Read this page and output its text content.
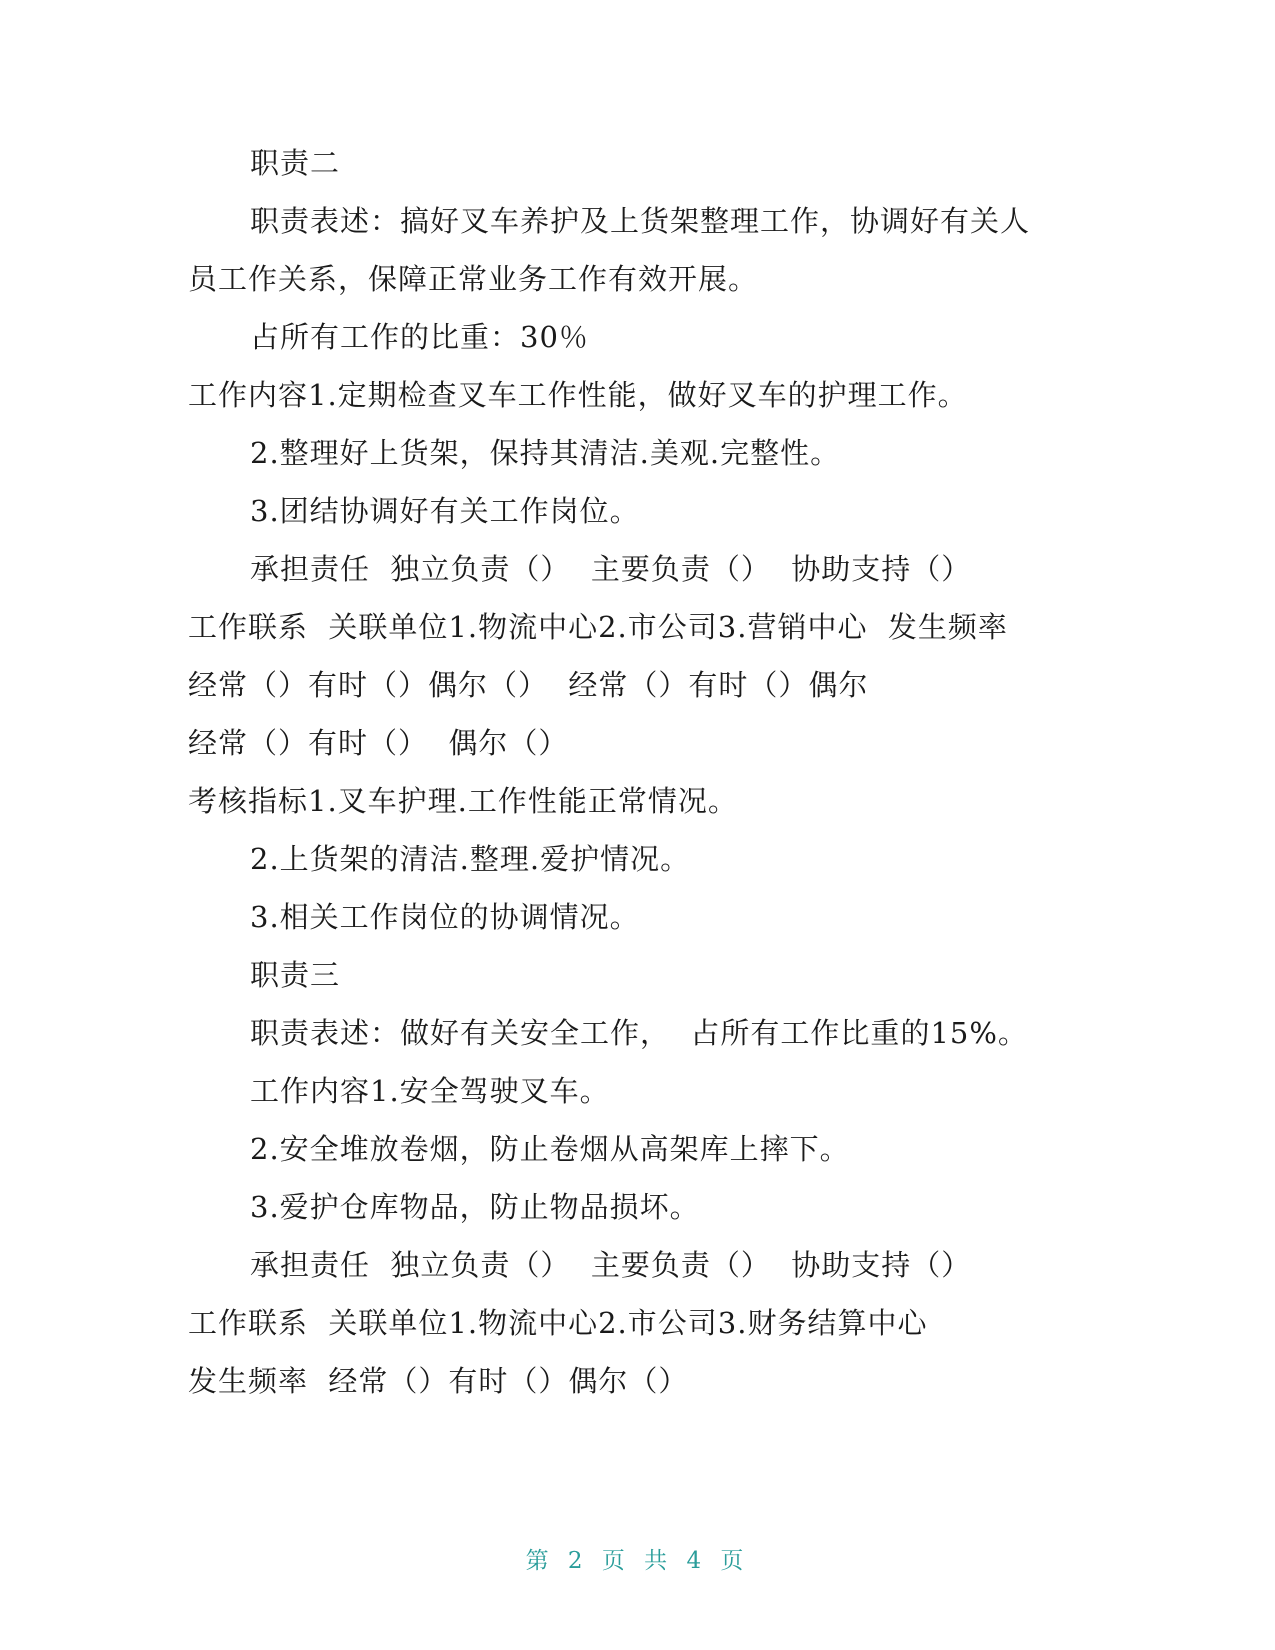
职责二
职责表述：搞好叉车养护及上货架整理工作，协调好有关人
员工作关系，保障正常业务工作有效开展。
占所有工作的比重：30％
工作内容1.定期检查叉车工作性能，做好叉车的护理工作。
2.整理好上货架，保持其清洁.美观.完整性。
3.团结协调好有关工作岗位。
承担责任  独立负责（）  主要负责（）  协助支持（）
工作联系  关联单位1.物流中心2.市公司3.营销中心  发生频率
经常（）有时（）偶尔（）  经常（）有时（）偶尔
经常（）有时（）  偶尔（）
考核指标1.叉车护理.工作性能正常情况。
2.上货架的清洁.整理.爱护情况。
3.相关工作岗位的协调情况。
职责三
职责表述：做好有关安全工作，  占所有工作比重的15%。
工作内容1.安全驾驶叉车。
2.安全堆放卷烟，防止卷烟从高架库上摔下。
3.爱护仓库物品，防止物品损坏。
承担责任  独立负责（）  主要负责（）  协助支持（）
工作联系  关联单位1.物流中心2.市公司3.财务结算中心
发生频率  经常（）有时（）偶尔（）
第 2 页 共 4 页
